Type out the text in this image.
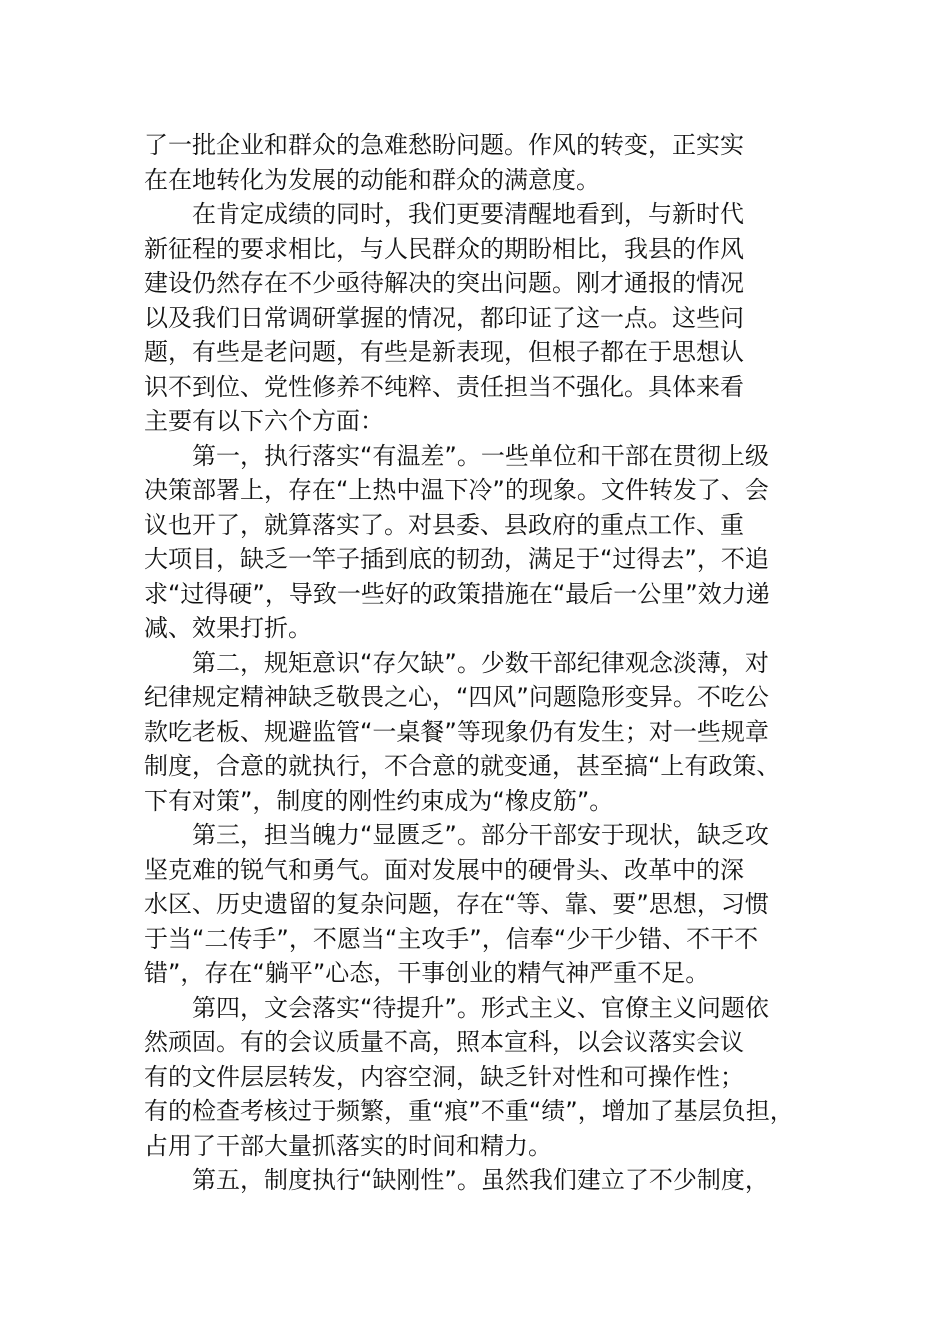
了一批企业和群众的急难愁盼问题。作风的转变，正实实
在在地转化为发展的动能和群众的满意度。
在肯定成绩的同时，我们更要清醒地看到，与新时代
新征程的要求相比，与人民群众的期盼相比，我县的作风
建设仍然存在不少亟待解决的突出问题。刚才通报的情况
以及我们日常调研掌握的情况，都印证了这一点。这些问
题，有些是老问题，有些是新表现，但根子都在于思想认
识不到位、党性修养不纯粹、责任担当不强化。具体来看
主要有以下六个方面：
第一，执行落实“有温差”。一些单位和干部在贯彻上级
决策部署上，存在“上热中温下冷”的现象。文件转发了、会
议也开了，就算落实了。对县委、县政府的重点工作、重
大项目，缺乏一竿子插到底的韧劲，满足于“过得去”，不追
求“过得硬”，导致一些好的政策措施在“最后一公里”效力递
减、效果打折。
第二，规矩意识“存欠缺”。少数干部纪律观念淡薄，对
纪律规定精神缺乏敬畏之心，“四风”问题隐形变异。不吃公
款吃老板、规避监管“一桌餐”等现象仍有发生；对一些规章
制度，合意的就执行，不合意的就变通，甚至搞“上有政策、
下有对策”，制度的刚性约束成为“橡皮筋”。
第三，担当魄力“显匮乏”。部分干部安于现状，缺乏攻
坚克难的锐气和勇气。面对发展中的硬骨头、改革中的深
水区、历史遗留的复杂问题，存在“等、靠、要”思想，习惯
于当“二传手”，不愿当“主攻手”，信奉“少干少错、不干不
错”，存在“躺平”心态，干事创业的精气神严重不足。
第四，文会落实“待提升”。形式主义、官僚主义问题依
然顽固。有的会议质量不高，照本宣科，以会议落实会议
有的文件层层转发，内容空洞，缺乏针对性和可操作性；
有的检查考核过于频繁，重“痕”不重“绩”，增加了基层负担，
占用了干部大量抓落实的时间和精力。
第五，制度执行“缺刚性”。虽然我们建立了不少制度，
